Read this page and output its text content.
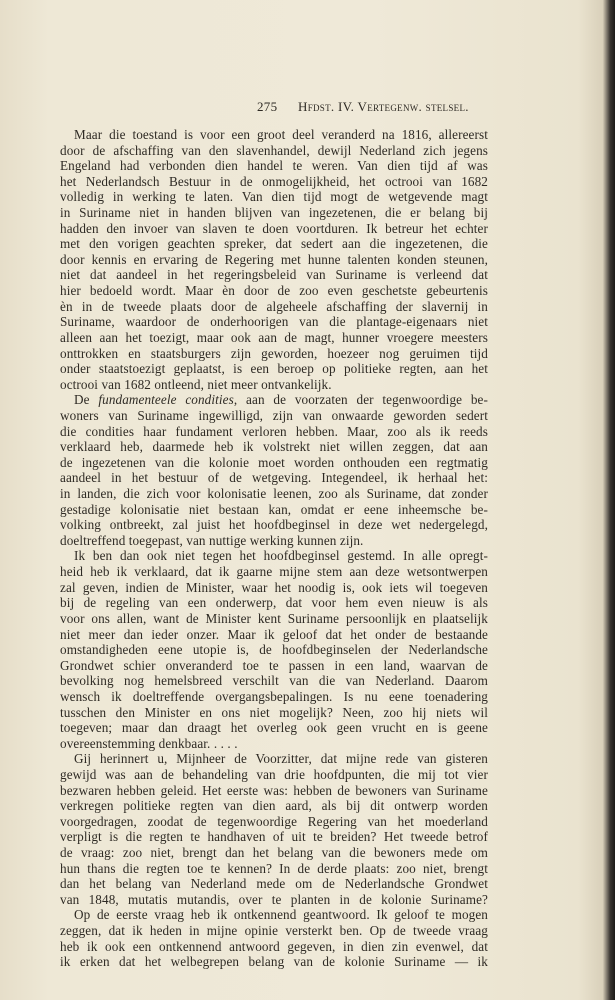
275 Hfdst. IV. Vertegenw. stelsel.
Maar die toestand is voor een groot deel veranderd na 1816, allereerst
door de afschaffing van den slavenhandel, dewijl Nederland zich jegens
Engeland had verbonden dien handel te weren. Van dien tijd af was
het Nederlandsch Bestuur in de onmogelijkheid, het octrooi van 1682
volledig in werking te laten. Van dien tijd mogt de wetgevende magt
in Suriname niet in handen blijven van ingezetenen, die er belang bij
hadden den invoer van slaven te doen voortduren. Ik betreur het echter
met den vorigen geachten spreker, dat sedert aan die ingezetenen, die
door kennis en ervaring de Regering met hunne talenten konden steunen,
niet dat aandeel in het regeringsbeleid van Suriname is verleend dat
hier bedoeld wordt. Maar èn door de zoo even geschetste gebeurtenis
èn in de tweede plaats door de algeheele afschaffing der slavernij in
Suriname, waardoor de onderhoorigen van die plantage-eigenaars niet
alleen aan het toezigt, maar ook aan de magt, hunner vroegere meesters
onttrokken en staatsburgers zijn geworden, hoezeer nog geruimen tijd
onder staatstoezigt geplaatst, is een beroep op politieke regten, aan het
octrooi van 1682 ontleend, niet meer ontvankelijk.
De fundamenteele condities, aan de voorzaten der tegenwoordige be-
woners van Suriname ingewilligd, zijn van onwaarde geworden sedert
die condities haar fundament verloren hebben. Maar, zoo als ik reeds
verklaard heb, daarmede heb ik volstrekt niet willen zeggen, dat aan
de ingezetenen van die kolonie moet worden onthouden een regtmatig
aandeel in het bestuur of de wetgeving. Integendeel, ik herhaal het:
in landen, die zich voor kolonisatie leenen, zoo als Suriname, dat zonder
gestadige kolonisatie niet bestaan kan, omdat er eene inheemsche be-
volking ontbreekt, zal juist het hoofdbeginsel in deze wet nedergelegd,
doeltreffend toegepast, van nuttige werking kunnen zijn.
Ik ben dan ook niet tegen het hoofdbeginsel gestemd. In alle opregt-
heid heb ik verklaard, dat ik gaarne mijne stem aan deze wetsontwerpen
zal geven, indien de Minister, waar het noodig is, ook iets wil toegeven
bij de regeling van een onderwerp, dat voor hem even nieuw is als
voor ons allen, want de Minister kent Suriname persoonlijk en plaatselijk
niet meer dan ieder onzer. Maar ik geloof dat het onder de bestaande
omstandigheden eene utopie is, de hoofdbeginselen der Nederlandsche
Grondwet schier onveranderd toe te passen in een land, waarvan de
bevolking nog hemelsbreed verschilt van die van Nederland. Daarom
wensch ik doeltreffende overgangsbepalingen. Is nu eene toenadering
tusschen den Minister en ons niet mogelijk? Neen, zoo hij niets wil
toegeven; maar dan draagt het overleg ook geen vrucht en is geene
overeenstemming denkbaar. . . . .
Gij herinnert u, Mijnheer de Voorzitter, dat mijne rede van gisteren
gewijd was aan de behandeling van drie hoofdpunten, die mij tot vier
bezwaren hebben geleid. Het eerste was: hebben de bewoners van Suriname
verkregen politieke regten van dien aard, als bij dit ontwerp worden
voorgedragen, zoodat de tegenwoordige Regering van het moederland
verpligt is die regten te handhaven of uit te breiden? Het tweede betrof
de vraag: zoo niet, brengt dan het belang van die bewoners mede om
hun thans die regten toe te kennen? In de derde plaats: zoo niet, brengt
dan het belang van Nederland mede om de Nederlandsche Grondwet
van 1848, mutatis mutandis, over te planten in de kolonie Suriname?
Op de eerste vraag heb ik ontkennend geantwoord. Ik geloof te mogen
zeggen, dat ik heden in mijne opinie versterkt ben. Op de tweede vraag
heb ik ook een ontkennend antwoord gegeven, in dien zin evenwel, dat
ik erken dat het welbegrepen belang van de kolonie Suriname — ik
